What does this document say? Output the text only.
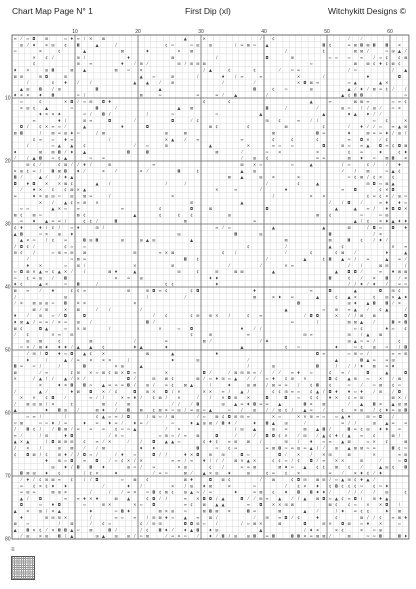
Chart Map Page N° 1	First Dip (xl)	Witchykitt Designs ©
10	20	30	40	50	60
10
20
30
40
50
60
70
80
≡ ⁄	≈ ◘ ⊞	≈ ♦ ≡ / ✕ ⊠	▲	✕	⁄	¢	⁄	⁄
⊞ ⁄	♦ ✕ ⊞ ¢ ◘	▲	/	¢ ≈	≈ ⊞ ⊞	/ ≡ ⊠ ≈ ▲	◘ ¢	≡ ⊠ ◘ ⊠ ◘ ◘ ✕
≈	✕	¢	▲	⊠	♦	✕ ⊠	/	¢	⊠ ⊠ /	≈ ⊞ ▲ ⁄
✕ ¢ /	⊞ /	♦	⊠	/	◘	⊞	≈ ≈ ≈ ≡	/ ≈ ¢	¢ ⊠
¢	⊞ ≡	♦	⁄	⊞ ⁄	⊞ / ⊞ ⊞ ⊠	≈	⊠ ⊠ ¢ ♦ ¢ ⊠ ¢
♦ ✕	⊞ ◘	⊠ ▲	⊠ ≈ ✕	/ ▲	¢	¢	⁄	≈ ≡	/ ≈	/	▲
⊠ ⊞	⊞ ◘	⊞	▲ ≈	⊞	/	♦	/ ≡	≡	✕	/	♦	◘
/	¢ ♦	⁄	/	▲ ▲	⁄	⊞	/	⁄	✕ ◘ ⊠ ≡	≈ ▲	▲ ✕
▲ ⊞ ◘	/ ⊞	◘	▲	◘	¢ ≈	⊞	▲ ⁄	♦ ⁄	⊠ ≡ ¢ ⁄	/
♦ ✕ ✕ ♦ ◘	≈ /	⊠	≈	≡	≡ ⁄	▲	/	▲ ¢ ◘ ◘	≈
≈	¢	✕ ◘ ⁄	≈ ⊞ ◘ ♦	¢	¢	▲	≡	⊠ ⊠ ≡	≈ ≡ ¢
✕ ⊞ ¢ ▲	≈	◘	⁄	▲ ⊠	◘	/	⁄	⊞ ≈	/ / ⊞ ⁄	≈ ✕
♦ ✕ ✕ ♦	≈ /	◘ /	/	≈	≈	▲	▲	♦ ▲ ♦ ⁄	⁄
≡	♦ /	⊞ ≡	◘	⁄	◘	⁄	¢	⊞ ¢	≡	⁄	/	≈ ¢	✕
◘ /	¢ ✕ ≡ ≈ ⁄	▲	♦	◘	⊠ ¢	¢	⊠	¢	⁄	♦ ⁄	⁄	≈ ≡ ▲ ⊞
⊠ ◘	/	⊠ ≡ ⊞ ♦ ≈	/ ⊠	⊞	⊠	⊠	◘ ≡	♦	⊠ ≡ ≡ ♦ / ⊞ /
¢ ≡ ≈ ♦ ≡	/	✕ ▲	⁄	≡	≡	¢	¢	¢	≡ ◘ ✕	⁄	¢
/	≈ ▲ ▲ ¢	⁄	≈	⊞	▲	✕	≡ ≈ ≈	◘	⊞ ≈ ≡ ▲ ◘ ≡ ¢ ◘ ⊠
♦	⊠ ⊠ ◘ ⁄	♦ ▲	◘	◘	⊠	⁄	≈ ✕	✕	¢ ≡	♦	¢ ♦
⁄	/ ▲ ◘ ≈ ¢ ▲	≈ ≡	⁄	⊞ ¢	≡ ≡	⊠ ♦ ≈ ⊠ ◘ ✕
⊞ ¢ ⁄	¢ ⊠ ⁄	⁄	♦ /	⊞	≡	⊠ ✕ ≈	≈	▲	/ ≈	¢ /	⁄	♦
✕ ⊞ ¢ ≡ /	◘ ⊠ ◘ ♦ ⁄	✕	⁄	✕ ⁄	◘	¢	▲ ⊞	⁄	/	⊠	≈ ▲ ¢
◘ ⁄	▲ ⁄	/ ♦ ▲	⊠ ▲	⊞ ✕	✕	≈ ¢ ⊠ / ¢ ✕ ¢
◘ ♦ ◘ ✕ ✕ ⊠ ¢	▲	/	/	/	⁄	¢	▲	⊞ ◘ ≈ ⊠ ▲
⁄	♦ ✕ ¢	¢ ⊠ ✕ ▲	✕	≡	⁄	♦	≡ ◘	¢ ✕ ◘
≡	♦ ✕ ⊞ ⊞ ≈ ⊞ ⊠ ≡	/	✕	/	✕ ✕	¢ ≡ ¢ ✕ ⁄	⊞ ≈
✕	/	▲ ¢ ≡ ⊞ ✕	⊞	▲	⁄	/ ◘	⁄	≡ ♦ ♦ ≈
≈ ≈	▲ ✕ ≈ ≡	≡	¢	◘	⊠	◘	▲	▲ ≡ /	♦ ◘ ◘ ✕
⊠ ¢ ⊠ ≈	⊠ ¢	▲	¢	¢	¢	⊞	⊠ ¢	≈	≈ ⊞
≡ ♦ ▲ ≡ ≡ /	¢ ¢ /	◘	⊠	≡	▲ / ¢ ✕ ♦ ▲ ♦ ♦
¢ ♦	♦ / ¢ /	≈ ♦	⊞ /	≡ ⁄	≈	▲	▲	⊠	/ ◘ ≈ ◘ ♦
▲ ◘	≈ ✕ ⊞ ♦	⊞	◘	⊞	◘	/ ✕
▲ ✕ ≈	/ ¢ ≡	◘ ⊞ ◘	⊞	⊞ ▲ ⊞	▲	⊠	⊠	◘ ¢	/ ♦ ⁄
/ ◘ ¢ ⁄	¢ ≈ ≈	¢	/	▲ ¢	✕ ≡
⊞ ¢	/	≈ ⊞ ≡ ⊞ ⊠	⊞	≡ ✕ ⊠	¢	/	⁄	¢	¢ ⊠	⁄	♦	▲
⁄	≈ ⊠ ≡	◘ ¢	⁄	▲	¢ ◘ ▲ ≈ /	≡	▲ ≡ ⁄
♦ ✕	≈ ⊞ /	✕	⊞	⁄	⁄	✕ ≡	/	/	⊠ ⊞	/
≈ ◘ ⊠ ✕ ▲ ≡ ¢ ▲ ✕ ⁄	/	⊠ ♦	▲	⊞	¢	⊞	⊠ ⊠	▲	▲ ◘ ◘ ⁄	≡ ♦ ⊠ ⊠
≈ ¢ ≡ ⊞	/	◘	✕ ≡ ⊞	♦ ♦	◘	¢	⁄	✕ ◘	⁄	✕
♦ ¢	▲ ✕	≈ ◘	/	¢ ¢	♦	/ / ♦ ⁄	♦	⁄	≡ ≈
⊠ ≡	⁄	♦	¢ ¢ ≡	⊞	⊞ ◘ ≡ ¢	¢ ◘	♦	≡	◘	▲	◘ ⊞ ¢
/	⊞	/	⁄	⊠	✕ ♦ ≡	▲	¢ ▲ ✕	¢ ⊞ ✕ ▲ ♦
⁄	✕ ⊠ ⊞ ⊞ ≈ ◘ ✕ ✕	✕	◘	⊞ ♦ ▲ ◘ ◘ ⁄	✕
⊠ ⁄	⊞	✕ ⊠	⁄	/	⁄	▲	≈ ⊞ ≡ ▲	⁄	¢ ▲	⁄
♦	⁄	⊞ ≈ ⁄	◘	◘	⁄	¢	¢ ⊞ ⊞ ✕	/	¢ ≡	⁄	◘ ◘	✕	⁄	/ ⊠ ⊠	◘
♦ ⊠ ▲ / ≡ ≡ ⁄	✕ ≡ ⊞	/	◘ ⁄	≡	/	⊠ ⊠ ▲	⁄	◘ ✕ ◘
⊠ ¢	◘ ▲	≈ ✕ ⊞	/	✕	≈ ◘	♦	⁄	/	≈ ¢	♦ ≈ ¢
⁄	¢	✕ ≡ ⊞	¢	⊞	≡	⊞ ≡	⊞	/ ▲ ⊠
⊞ ⊠	¢	⊠	/	≡	⊠ ⁄	⁄	♦	⊞ ▲ ≈ ≡ /	¢
≈ ✕ ⁄	⊠ ♦ ♦ ♦ ⁄	▲ ▲ ¢	♦ ▲	♦	▲	¢ ≈	♦	≈ ¢ ⊞ ≈	/ ◘
⁄	⊞ / ◘ ♦ ≈ ◘ ▲ ¢ ✕	⊠	▲	♦	◘ ≡	≈ ⊞ ≈ /	≡ ≡ ⊞
♦	/	▲ ⁄	≡ ✕ ✕ ✕	/	♦	⊞	⁄	▲	◘ ▲ ≡ ≡ ⊞
◘ ≡ ≈ /	/	◘	✕ ⊞	▲	/	⊞	◘	/	/ / ♦ ⊠ ≡ ♦
⊠	⁄	≡	¢ ⊞ ✕ ≈ ⊠ ¢ ⊠ ✕ ◘ ≈	✕	◘ ⁄	⁄	⊠ ⊞ ⊞ ≡ ⁄	⁄	⁄	≡ ♦ ≈	¢ ≡ ⁄	◘	▲	◘
✕	/ ▲ / /	▲ ⁄	✕ ⁄	◘ ⁄	⊞ ⊠ ¢	⊠ ⁄	≈ ♦ ⊞ ≈ ▲	⁄	⁄	≈ ♦ ¢ ⊞ ✕	◘ ¢ ▲ ⊞ ≈ ✕	⁄	⊠
✕	♦ ✕ ◘ ◘ ≈ ▲ ≡ ≡ ≡ ◘ /	⊞ /	≡ ¢ ⊠ ▲	/	♦	⊞ ⊠	/ ⊠ ≡ ≡	/	¢ ◘ ¢	≈	⁄	≈ ⊠ ¢ ≈
⁄	▲ ⁄	♦ ⊠ ◘ ✕ ⁄	¢	◘ ⊞ ✕ ◘ / ✕	✕ ✕ ≡ /	▲ /	¢ ¢ ⊞ ≡ ≈ ¢ ▲ / ◘ ♦ ♦ ≈ ♦	/ ⊞	/ ◘
✕ ✕ ¢ ◘	⁄	≡ ⁄	/	✕ ≡ ♦ /	¢ ⊠ /	✕	⁄	/	✕ ◘ ⊞ ✕	◘	◘ ≈ ¢ ¢ ♦ ✕ ¢ ≡ ⊞	⊠ ✕ /
⁄	⊠ ⊞ ⊞ / ✕	¢	⊠	/	⊠	⁄	/	⁄	◘	⊞ ▲ ≡ ♦ ◘ ≡ ≡ ▲	◘ ✕ ⊠	⁄	▲ ◘ ✕ ▲ ⊞ ⊠
▲	♦ ◘ ⊞	⁄	⊠ ♦	/	◘ ⊠ ¢ ⊠ ✕ ≈ ⊞ / ≡ ⊞ ≈ ▲	≈	/	⊞	/ ⁄	⊞ ¢ /	▲ ≡	⁄	¢ ✕ ⊞	/ ¢ ♦ ≡ ⊞ ◘
≈ ≡ /	/	¢ ▲ ≈ ≡ / ◘	/ ⊠ ≈ / ⊠	⁄	≈ ⊠ ¢ ◘ ⊞ ⊞ ≡	✕ ≈	✕ ✕ ⊞ ≡ ≈ ≈ ▲ ♦	⊞ ≈ ◘	/
≈ ⊠	≈ ≈ ♦ / ≡	♦ ≡ ♦ ≡ ⁄	♦ ≡ ⁄	≈	♦ ▲ ⊞ ⊠ ⁄	◘ ♦ ⁄	♦ ◘ ▲ ⊞	⁄	≡ / /	⊞ ▲ ≡ ≡
/	◘ ¢ /	⁄	◘ ⊠ ⁄	≡ ≡ ≡ ¢ ≈ ≈ ▲	⁄	✕	/ ⊞ ▲	⊞ ≡	⊠ ▲ ◘ ⁄	◘ ≡ ¢ ⊞ ♦ ♦ ≡
≡ ⁄	/ ⊞	♦ ◘	⁄	✕ ≈	≈ ⊞ ≈ / ≡ ⊠	◘	⁄	⁄	◘ ◘ ¢ ✕	⁄	⊞	⁄	▲ ¢ ♦ / ▲ ≡ ¢	⊠ /
▲ ✕ ▲	/ ◘ ⊠ ⊞ ⊞ ¢ ≡ ⁄	✕	⁄	/	◘ ▲ ▲ ≈	¢ ♦ ¢ ≡ ⊞ ⊠	/	⊞	/	♦ ≈ ≡ ▲ ⊠	≈ ✕ ¢	⊠
/	✕	/	⊞ ⊠	⁄	⁄	⊠	♦ ♦	◘	≈ ¢ ≡	≡ ⊠ ◘ ≈ ≡ ⊞ ≡ ▲ / ⁄	⊞ ▲ ⊠ ⊠ ≈ ≡	◘ ¢ ≈
¢ ◘ ⊠ / ¢ ⊞ ♦ ⁄	/ ◘ ≈ /	⁄	♦ ≈	◘ / /	♦ ✕ ◘ ⊞ ⊞	◘ ≈	◘ ⁄	✕	/	✕ ⊞	⊠	✕	≡ ⊞
♦ ⊞ ≈ ◘ ≡ ◘	⁄	≈ ¢ ✕ / ✕	≡ ≡ / ≡ ♦ / / /	⊠ ✕ ▲ ✕	¢ ¢ ≈ / ¢ ◘ ⁄	≡ ✕ ✕	⊞	⁄	≈ ◘
⊞ ♦ / ◘ ◘ ♦	⊞ ≈ ⁄	≡	✕ ⊞	¢	/	≡ ≡ ⊠	⊠ ♦ ≈ ▲ ¢ ¢ ⊠ ¢	⁄	▲ ⊞ ¢ ◘
◘ ⊠ ⊞ ♦ ¢	/ ¢ ✕	♦	⁄	≡ ≈	⊠ ⁄	▲ ✕ ⊞ ♦	⊞	¢ ≡ ¢ ✕	≡	⁄	✕ ♦ ¢ ⁄	♦
⁄	♦ ⁄	¢ ⊞ ⊠ ≡ ¢	/ ⁄	◘	≈ ⊠ ¢	⊠ ♦	◘ ⊠ ¢	⁄	⊠	¢ ◘ ⊞ ⊠ ⊞ / ≈ ▲ ⊞ ¢ ♦ ▲ ⁄
≡ ¢ ✕ ¢ ♦ ♦	⁄	♦	/	✕	/ ⊞ ♦ ⊠	✕	≈	⁄	¢ ✕ ♦ ¢ ◘ ¢ ¢ ¢ ≈ ¢ ≈ ♦
≡ ⊞ ≡	⊠ ⊞ ✕	/	/	⁄	≡ ✕ ≈ ◘ ¢ ⊠ ¢ ⊞ ▲ ≈ ⁄	≡	♦	≡ ⊠ ¢ ♦ ◘ ◘ ♦ ♦ ⁄	/ / ⁄	/	⊞	¢
▲ /	◘	≡ ≡ ♦ ✕ ♦	⊠ ▲	¢ ◘ ⁄	/	≡ ✕ ◘ ◘ / ▲	◘ ⁄	⁄	⊞ ≡ ▲	⁄	/ ▲ ⊠ ◘ ≈ ▲ ¢ ≡ ◘ /	⊞ ♦ ▲
◘	≈ ♦ ◘	≈	⊞ ✕	✕ ≈ ◘	≡ ¢ ⊠ ▲ ▲	≡ ◘ ✕ ✕ ⊞ ⊠	⊠ ¢	¢ ≈ ✕ ✕ ◘	/
▲ ✕ ⊞ / ✕ ▲	♦	≈ ◘ ♦	⊠ ✕ ⊞ ≈	⊠ ◘ ⊠ ✕	◘ ≡	⊠	▲	⁄	/ ♦ ≡ ¢ ¢	♦ ⊠
♦	⊞ ⊞ ⊞ ✕	/	≡ ≈ ≡	/ ⊞ ⊠ ♦ ≈ ▲ ≡ ⊠ /	⁄	⊞ ≡ ◘ ⁄	¢	♦	¢	⊠ / / ¢ ≡ ⊠ ♦
⊠ ≈	/	⊠	⁄	¢ ≈	¢ ⁄	⊞ ⊞	◘ ◘ ⊞ ≈	/	/ ≈ ⊠ ✕	⊠	◘	⊞ ✕ ◘ ⊠ ≈ ♦ ✕	≈
▲ ◘ ✕ ¢ ⁄	✕ ◘ ◘ ▲ ≈ ⊠	◘ /	/ ¢ ◘ ♦ ⁄	♦ ▲ ◘ ♦ ⊞	▲	/ ♦ ✕	✕ ¢	✕ ≈ ⊞
⁄	⊞ ✕ ⊞ ◘ / ▲	⊞ ▲ ⊞ ⊞ / ≈ ⊠	⁄	≡ ✕ ≈	⁄	♦ ⁄	◘ / ⊞ ⊞ ◘ ≡ ◘	◘ ◘ ✕ ≡ ⊠ ⊠ /	⊠	≈ ≈ ◘	◘ ♦
≡
